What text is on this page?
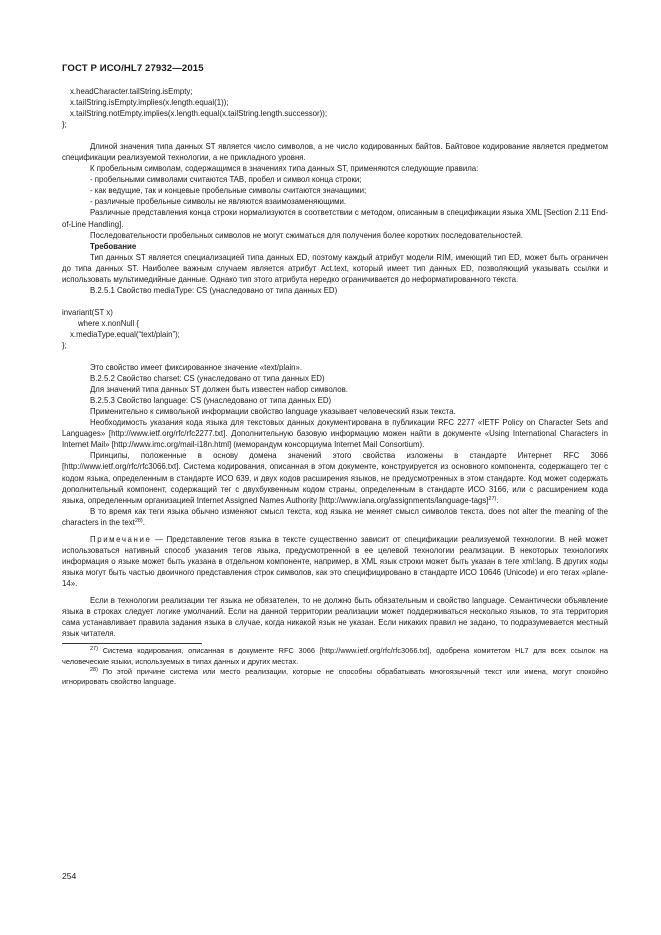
ГОСТ Р ИСО/HL7 27932—2015

x.headCharacter.tailString.isEmpty;

x.tailString.isEmpty.implies(x.length.equal(1));

x.tailString.notEmpty.implies(x.length.equal(x.tailString.length.successor));

};

Длиной значения типа данных ST является число символов, а не число кодированных байтов. Байтовое кодирование является предметом спецификации реализуемой технологии, а не прикладного уровня.

К пробельным символам, содержащимся в значениях типа данных ST, применяются следующие правила:

- пробельными символами считаются TAB, пробел и символ конца строки;

- как ведущие, так и концевые пробельные символы считаются значащими;

- различные пробельные символы не являются взаимозаменяющими.

Различные представления конца строки нормализуются в соответствии с методом, описанным в спецификации языка XML [Section 2.11 End-of-Line Handling].

Последовательности пробельных символов не могут сжиматься для получения более коротких последовательностей.

Требование

Тип данных ST является специализацией типа данных ED, поэтому каждый атрибут модели RIM, имеющий тип ED, может быть ограничен до типа данных ST. Наиболее важным случаем является атрибут Act.text, который имеет тип данных ED, позволяющий указывать ссылки и использовать мультимедийные данные. Однако тип этого атрибута нередко ограничивается до неформатированного текста.

B.2.5.1 Свойство mediaType: CS (унаследовано от типа данных ED)

invariant(ST x)

where x.nonNull {

x.mediaType.equal(“text/plain”);

};

Это свойство имеет фиксированное значение «text/plain».

B.2.5.2 Свойство charset: CS (унаследовано от типа данных ED)

Для значений типа данных ST должен быть известен набор символов.

B.2.5.3 Свойство language: CS (унаследовано от типа данных ED)

Применительно к символьной информации свойство language указывает человеческий язык текста.

Необходимость указания кода языка для текстовых данных документирована в публикации RFC 2277 «IETF Policy on Character Sets and Languages» [http://www.ietf.org/rfc/rfc2277.txt]. Дополнительную базовую информацию можен найти в документе «Using International Characters in Internet Mail» [http://www.imc.org/mail-i18n.html] (меморандум консорциума Internet Mail Consortium).

Принципы, положенные в основу домена значений этого свойства изложены в стандарте Интернет RFC 3066 [http://www.ietf.org/rfc/rfc3066.txt]. Система кодирования, описанная в этом документе, конструируется из основного компонента, содержащего тег с кодом языка, определенным в стандарте ИСО 639, и двух кодов расширения языков, не предусмотренных в этом стандарте. Код может содержать дополнительный компонент, содержащий тег с двухбуквенным кодом страны, определенным в стандарте ИСО 3166, или с расширением кода языка, определенным организацией Internet Assigned Names Authority [http://www.iana.org/assignments/language-tags]$^{27)}$.

В то время как теги языка обычно изменяют смысл текста, код языка не меняет смысл символов текста. does not alter the meaning of the characters in the text$^{28)}$.

Примечание — Представление тегов языка в тексте существенно зависит от спецификации реализуемой технологии. В ней может использоваться нативный способ указания тегов языка, предусмотренной в ее целевой технологии реализации. В некоторых технологиях информация о языке может быть указана в отдельном компоненте, например, в XML язык строки может быть указан в теге xml:lang. В других коды языка могут быть частью двоичного представления строк символов, как это специфицировано в стандарте ИСО 10646 (Unicode) и его тегах «plane-14».

Если в технологии реализации тег языка не обязателен, то не должно быть обязательным и свойство language. Семантически объявление языка в строках следует логике умолчаний. Если на данной территории реализации может поддерживаться несколько языков, то эта территория сама устанавливает правила задания языка в случае, когда никакой язык не указан. Если никаких правил не задано, то подразумевается местный язык читателя.

$^{27)}$ Система кодирования, описанная в документе RFC 3066 [http://www.ietf.org/rfc/rfc3066.txt], одобрена комитетом HL7 для всех ссылок на человеческие языки, используемых в типах данных и других местах.

$^{28)}$ По этой причине система или место реализации, которые не способны обрабатывать многоязычный текст или имена, могут спокойно игнорировать свойство language.

254
